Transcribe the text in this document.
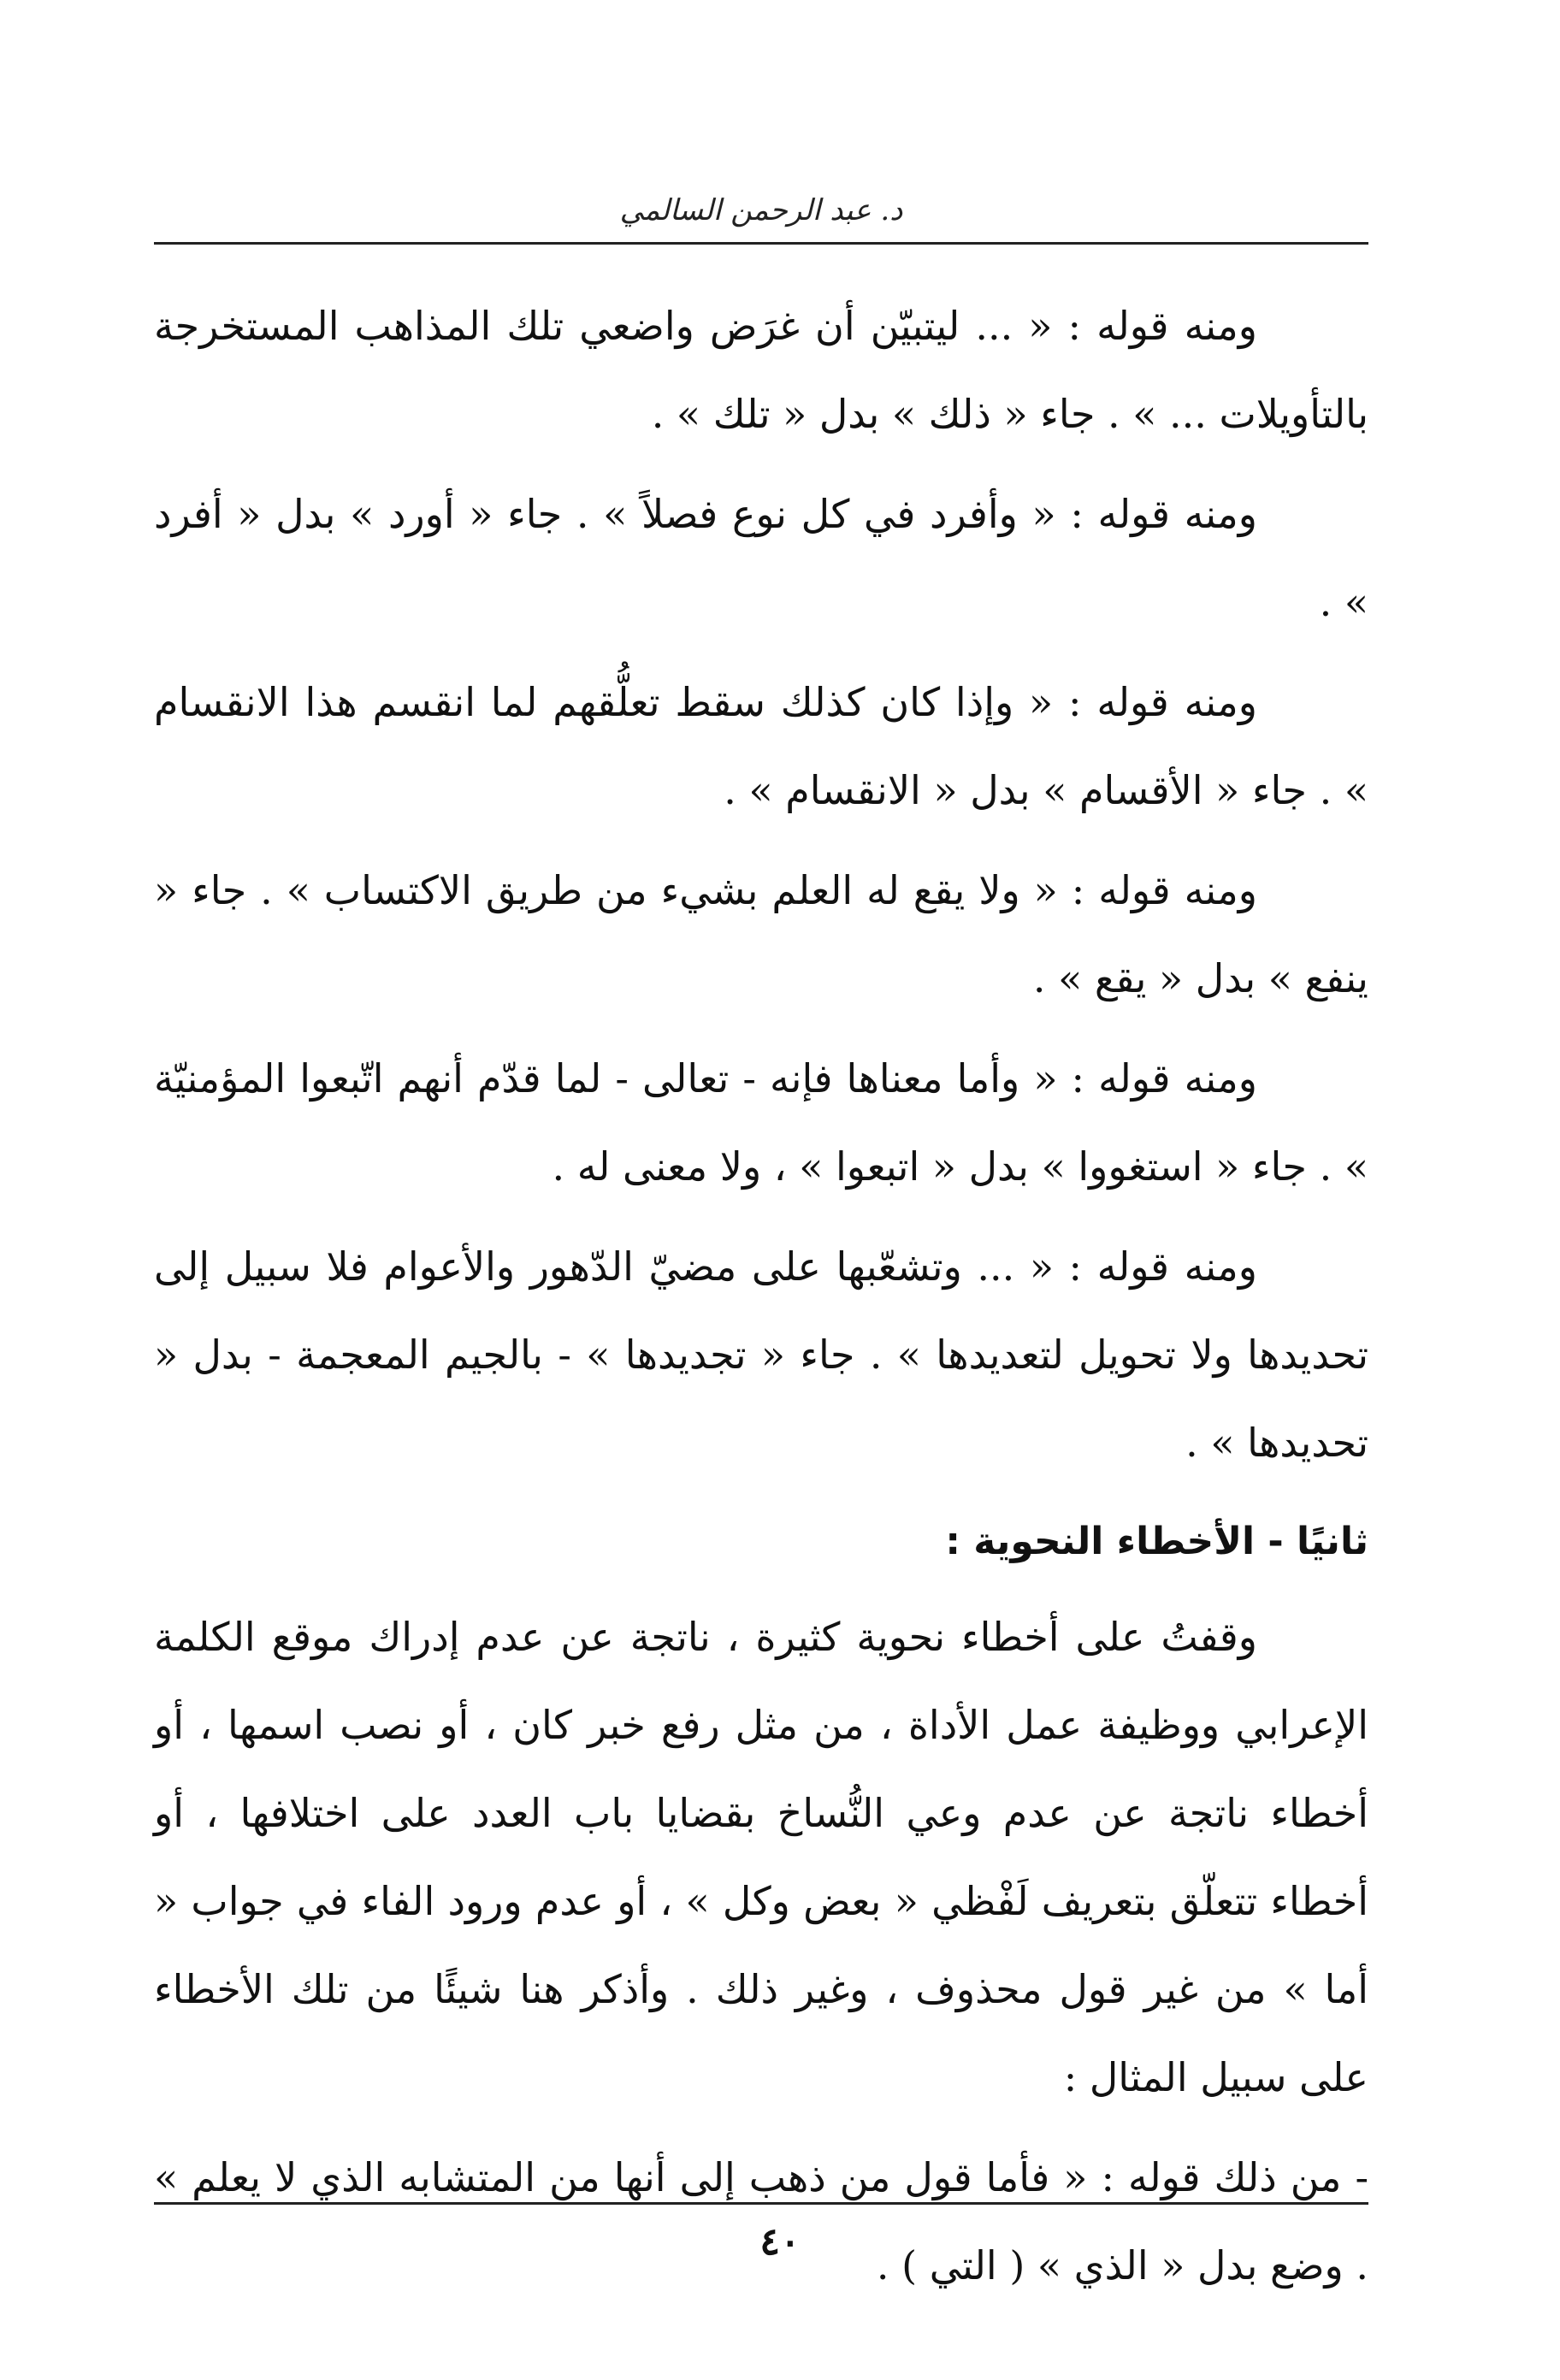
د. عبد الرحمن السالمي

ومنه قوله : « ... ليتبيّن أن غرَض واضعي تلك المذاهب المستخرجة بالتأويلات ... » . جاء « ذلك » بدل « تلك » .

ومنه قوله : « وأفرد في كل نوع فصلاً » . جاء « أورد » بدل « أفرد » .

ومنه قوله : « وإذا كان كذلك سقط تعلُّقهم لما انقسم هذا الانقسام » . جاء « الأقسام » بدل « الانقسام » .

ومنه قوله : « ولا يقع له العلم بشيء من طريق الاكتساب » . جاء « ينفع » بدل « يقع » .

ومنه قوله : « وأما معناها فإنه - تعالى - لما قدّم أنهم اتّبعوا المؤمنيّة » . جاء « استغووا » بدل « اتبعوا » ، ولا معنى له .

ومنه قوله : « ... وتشعّبها على مضيّ الدّهور والأعوام فلا سبيل إلى تحديدها ولا تحويل لتعديدها » . جاء « تجديدها » - بالجيم المعجمة - بدل « تحديدها » .

ثانيًا - الأخطاء النحوية :

وقفتُ على أخطاء نحوية كثيرة ، ناتجة عن عدم إدراك موقع الكلمة الإعرابي ووظيفة عمل الأداة ، من مثل رفع خبر كان ، أو نصب اسمها ، أو أخطاء ناتجة عن عدم وعي النُّساخ بقضايا باب العدد على اختلافها ، أو أخطاء تتعلّق بتعريف لَفْظي « بعض وكل » ، أو عدم ورود الفاء في جواب « أما » من غير قول محذوف ، وغير ذلك . وأذكر هنا شيئًا من تلك الأخطاء على سبيل المثال :

- من ذلك قوله : « فأما قول من ذهب إلى أنها من المتشابه الذي لا يعلم » . وضع بدل « الذي » ( التي ) .

٤٠
